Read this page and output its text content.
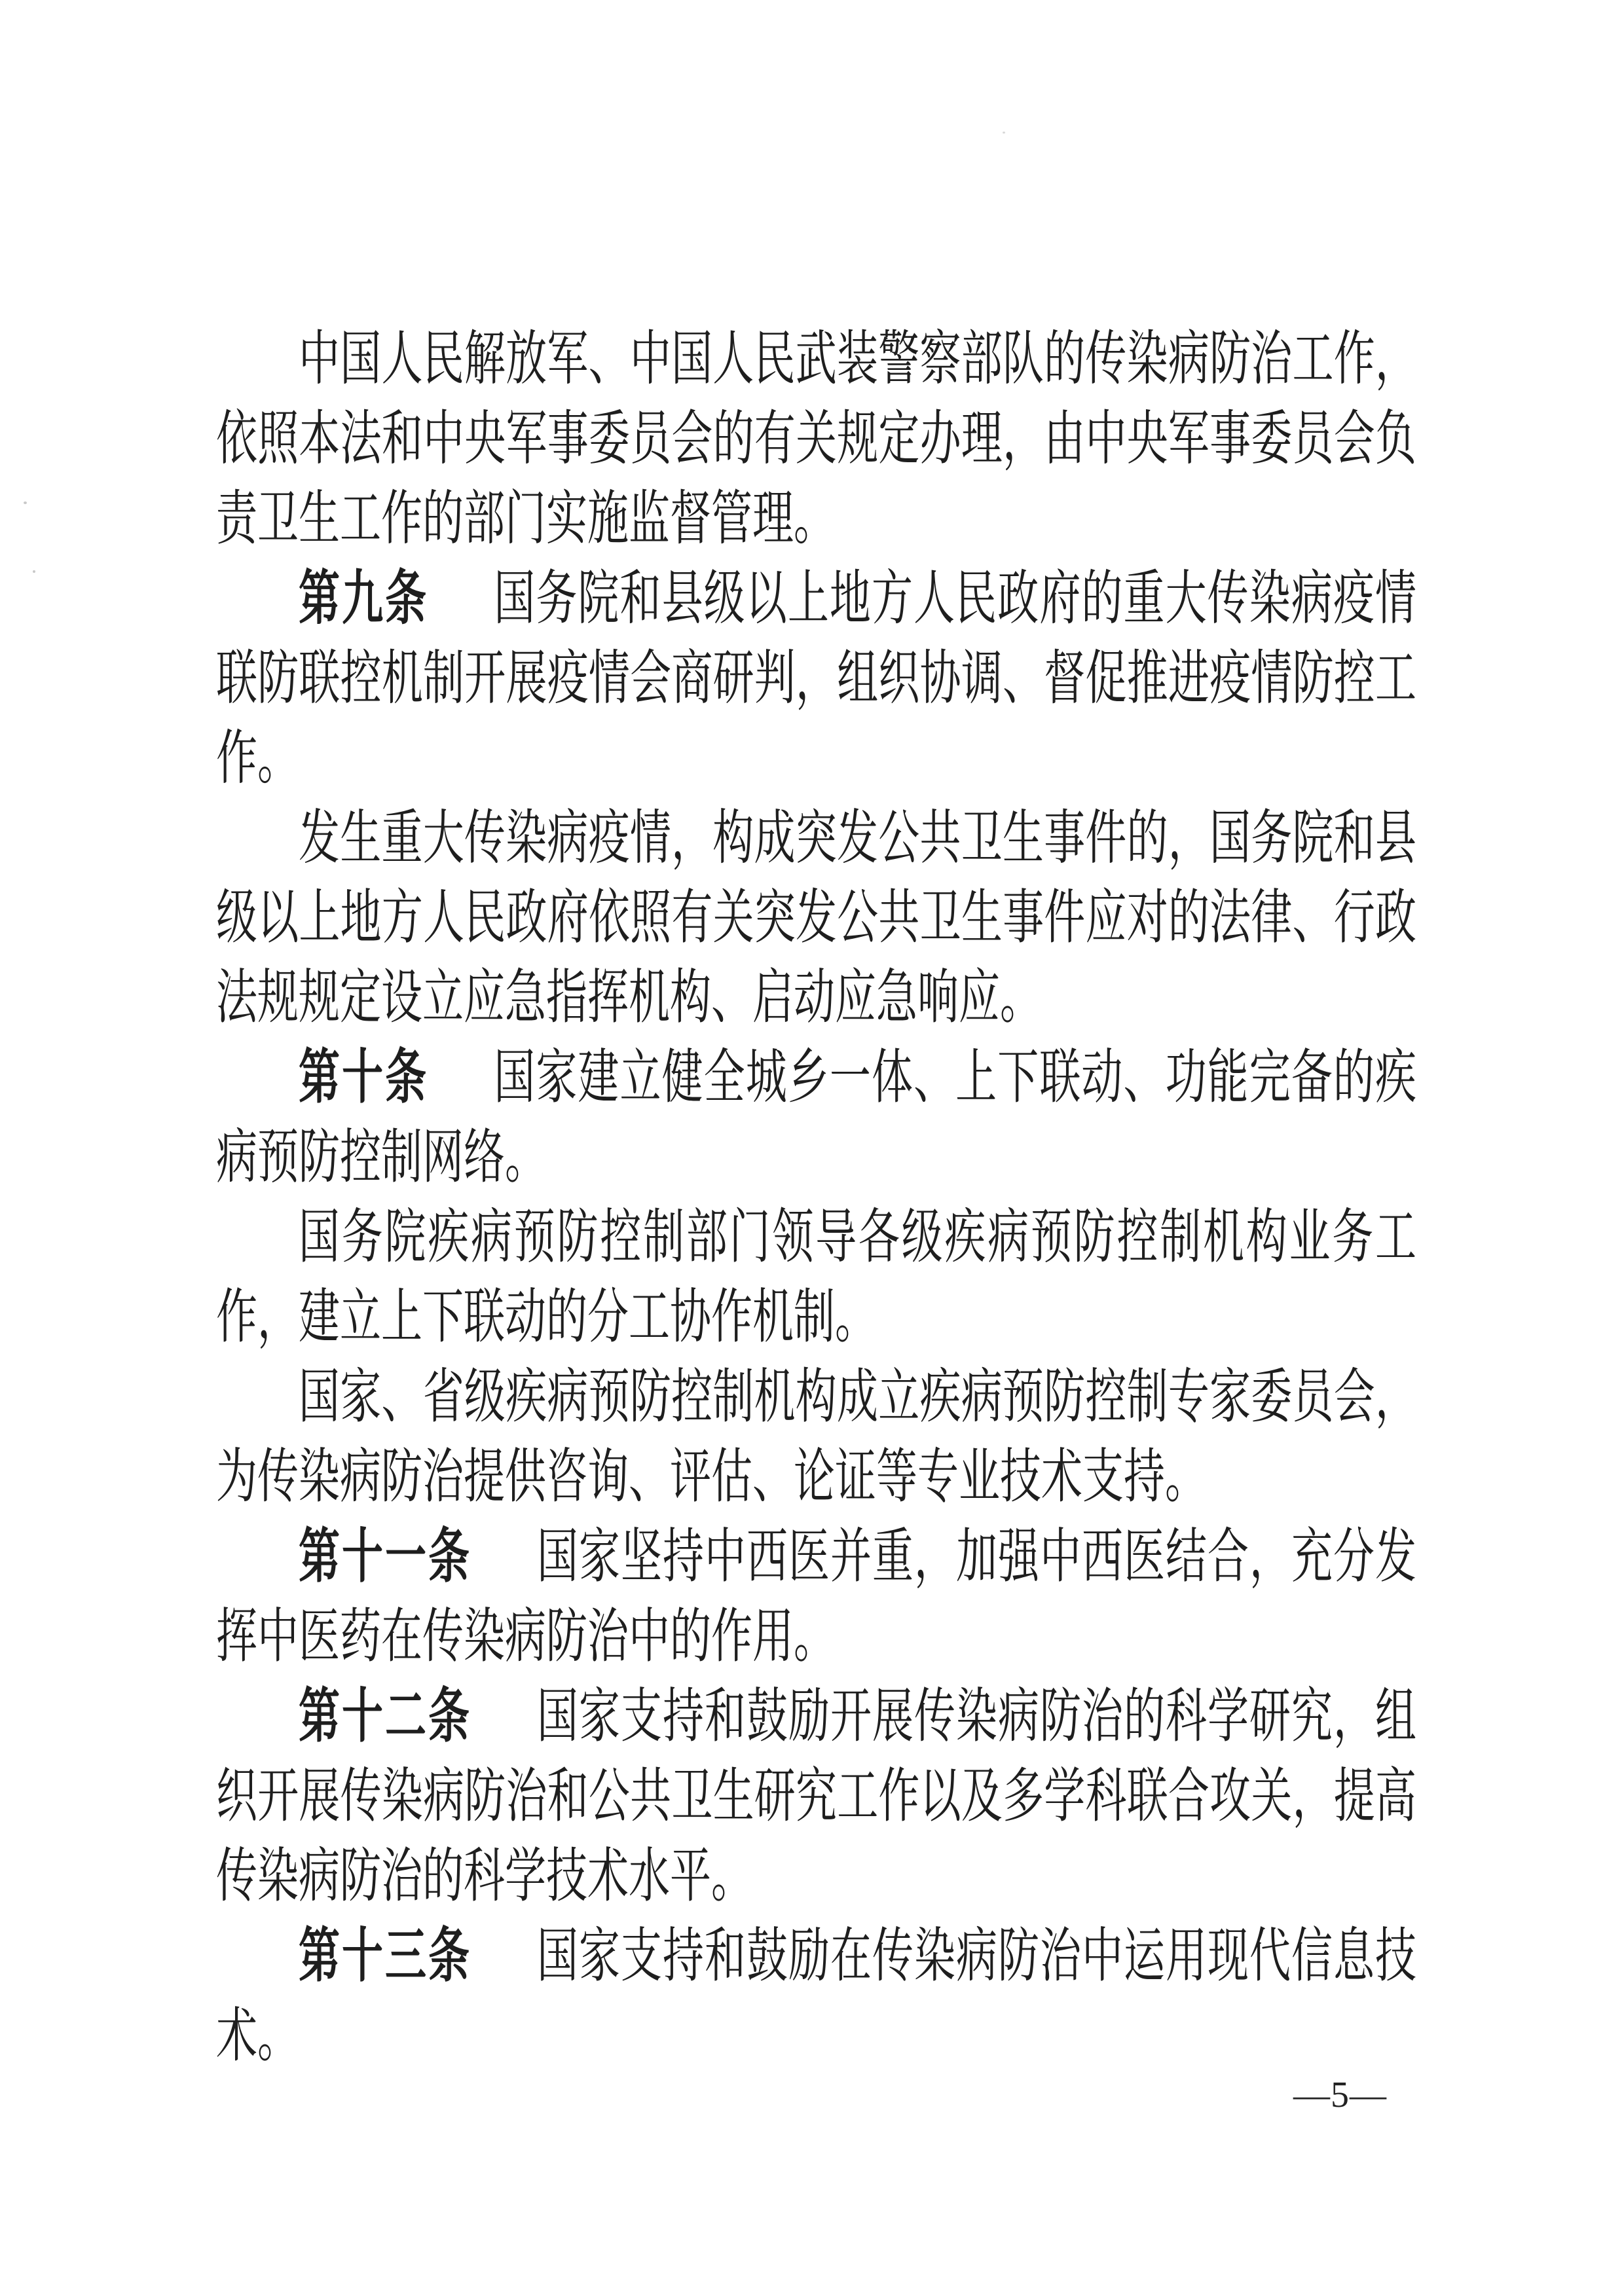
中国人民解放军、中国人民武装警察部队的传染病防治工作，依照本法和中央军事委员会的有关规定办理，由中央军事委员会负责卫生工作的部门实施监督管理。

第九条 国务院和县级以上地方人民政府的重大传染病疫情联防联控机制开展疫情会商研判，组织协调、督促推进疫情防控工作。

发生重大传染病疫情，构成突发公共卫生事件的，国务院和县级以上地方人民政府依照有关突发公共卫生事件应对的法律、行政法规规定设立应急指挥机构、启动应急响应。

第十条 国家建立健全城乡一体、上下联动、功能完备的疾病预防控制网络。

国务院疾病预防控制部门领导各级疾病预防控制机构业务工作，建立上下联动的分工协作机制。

国家、省级疾病预防控制机构成立疾病预防控制专家委员会，为传染病防治提供咨询、评估、论证等专业技术支持。

第十一条 国家坚持中西医并重，加强中西医结合，充分发挥中医药在传染病防治中的作用。

第十二条 国家支持和鼓励开展传染病防治的科学研究，组织开展传染病防治和公共卫生研究工作以及多学科联合攻关，提高传染病防治的科学技术水平。

第十三条 国家支持和鼓励在传染病防治中运用现代信息技术。

—5—
